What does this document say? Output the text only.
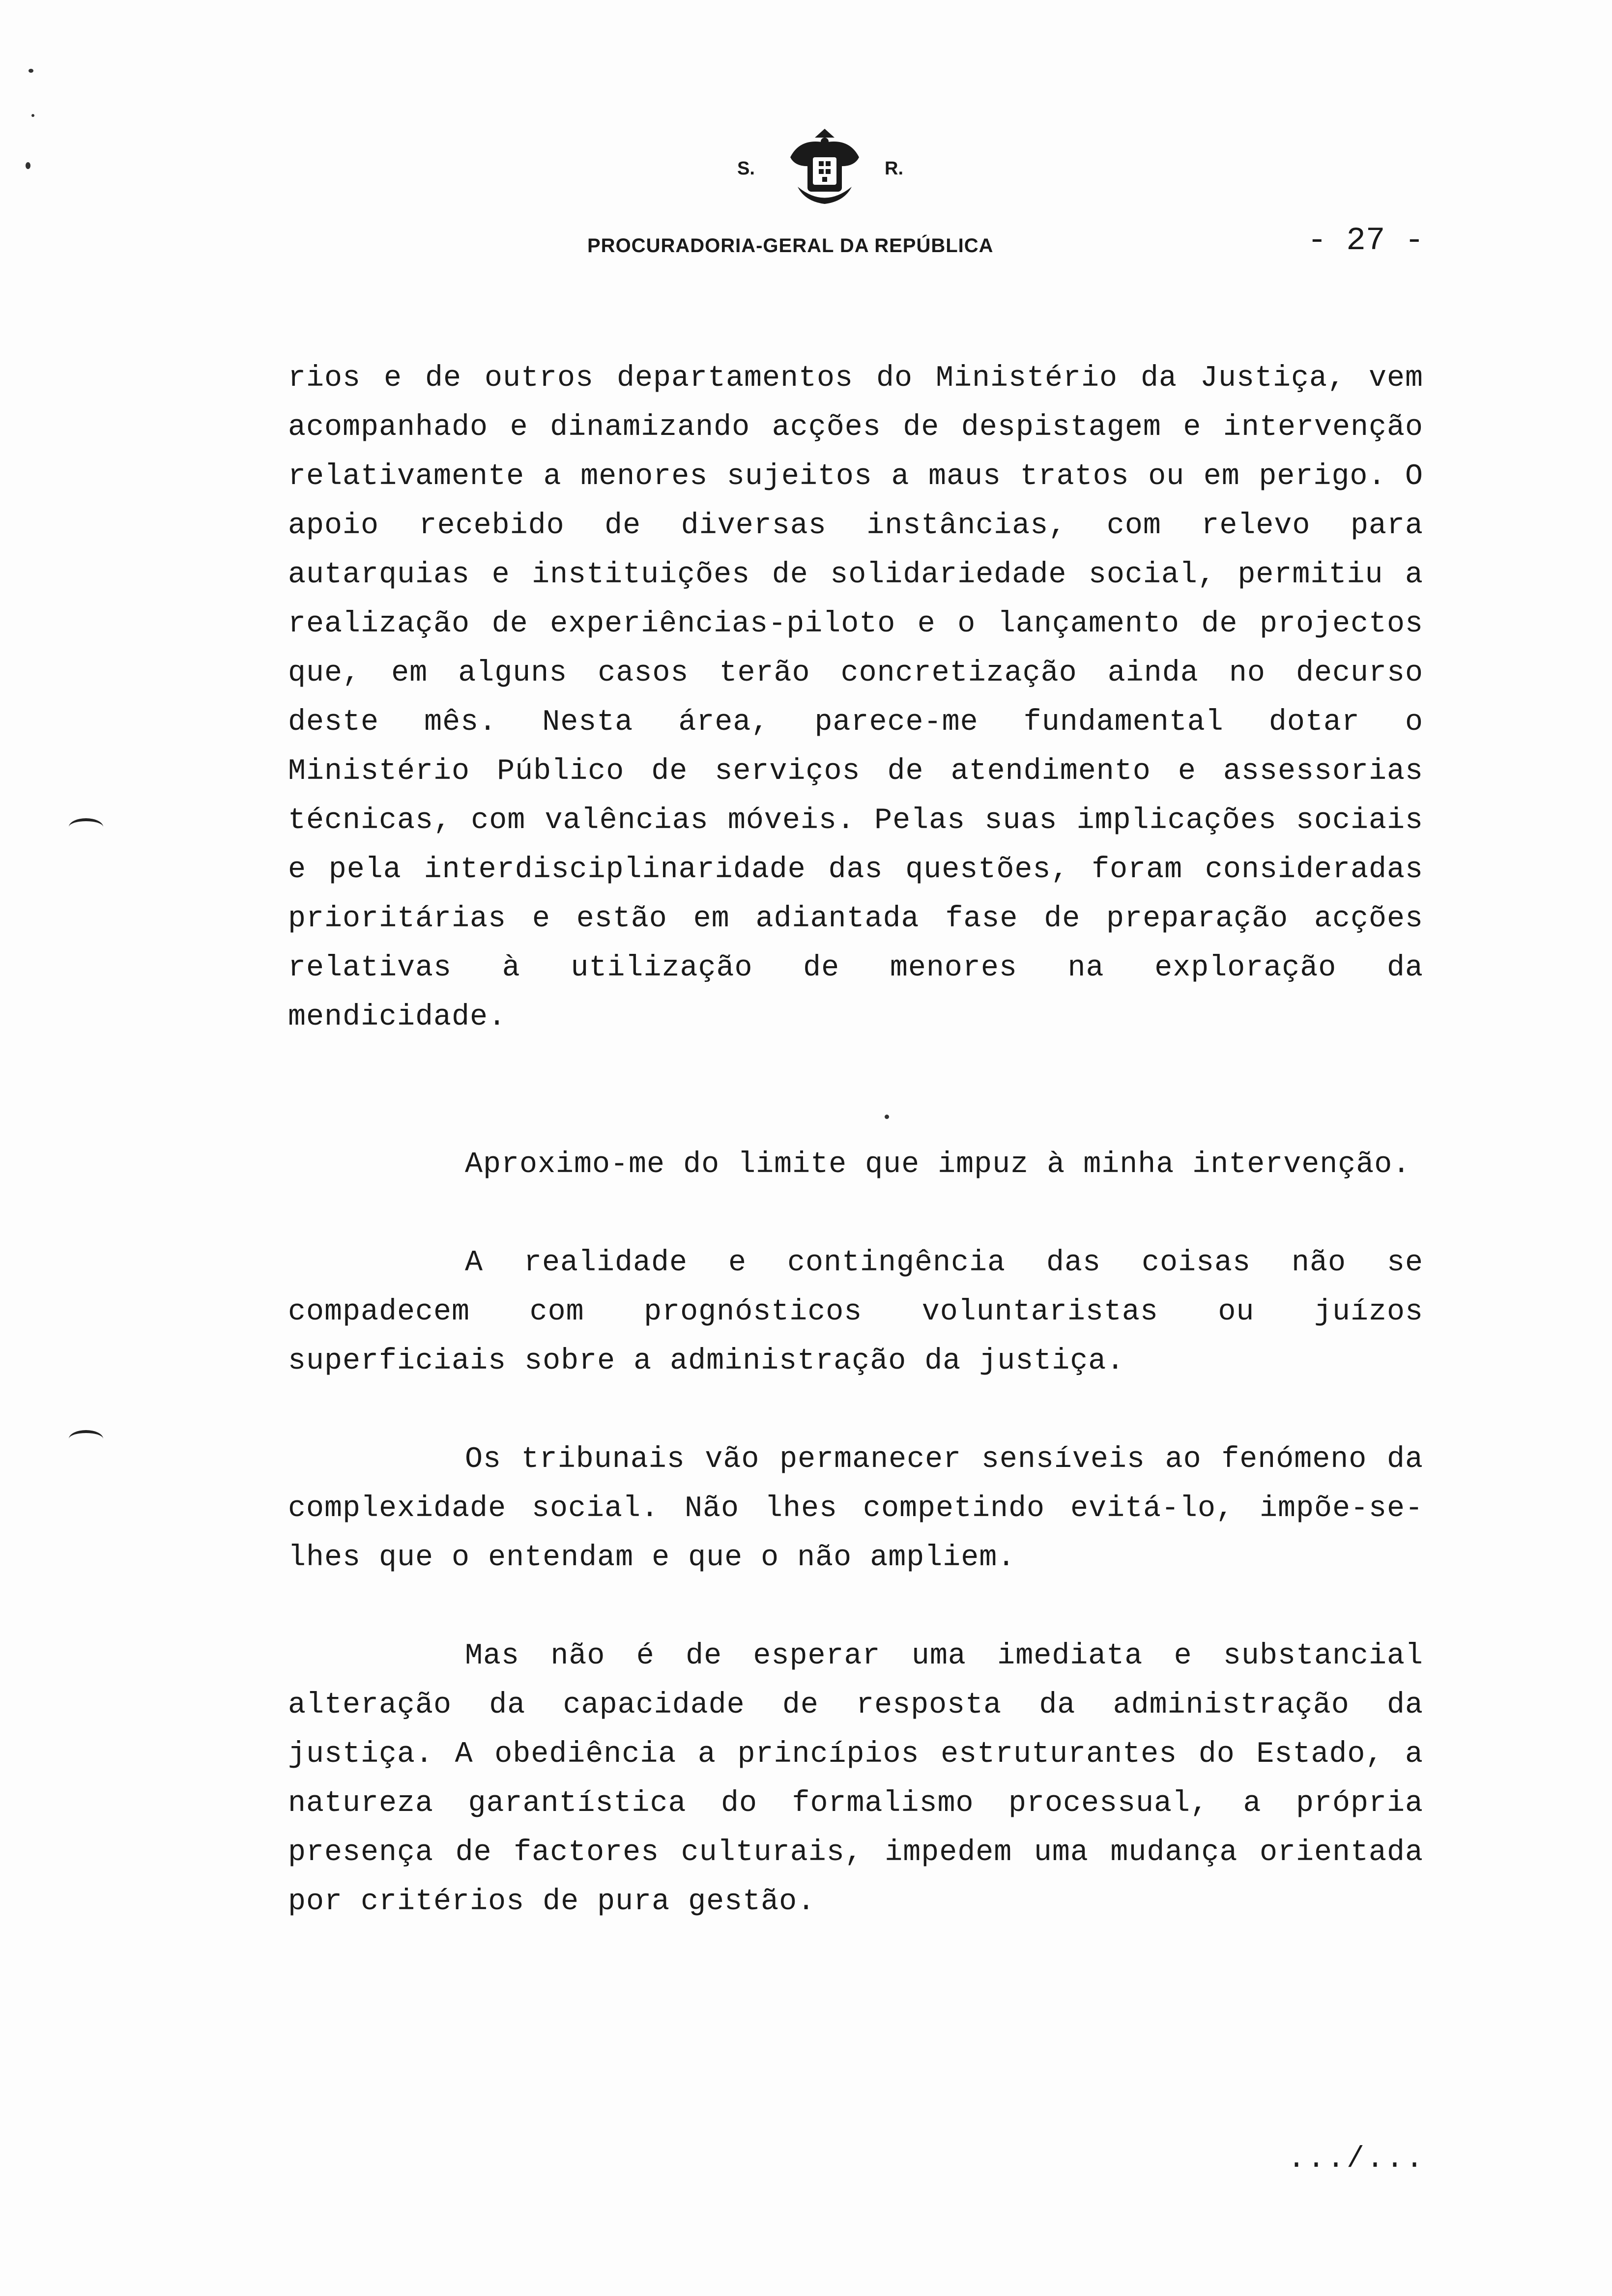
S.	R.
PROCURADORIA-GERAL DA REPÚBLICA	- 27 -

rios e de outros departamentos do Ministério da Justiça, vem acompanhado e dinamizando acções de despistagem e intervenção relativamente a menores sujeitos a maus tratos ou em perigo. O apoio recebido de diversas instâncias, com relevo para autarquias e instituições de solidariedade social, permitiu a realização de experiências-piloto e o lançamento de projectos que, em alguns casos terão concretização ainda no decurso deste mês. Nesta área, parece-me fundamental dotar o Ministério Público de serviços de atendimento e assessorias técnicas, com valências móveis. Pelas suas implicações sociais e pela interdisciplinaridade das questões, foram consideradas prioritárias e estão em adiantada fase de preparação acções relativas à utilização de menores na exploração da mendicidade.

Aproximo-me do limite que impuz à minha intervenção.

A realidade e contingência das coisas não se compadecem com prognósticos voluntaristas ou juízos superficiais sobre a administração da justiça.

Os tribunais vão permanecer sensíveis ao fenómeno da complexidade social. Não lhes competindo evitá-lo, impõe-se-lhes que o entendam e que o não ampliem.

Mas não é de esperar uma imediata e substancial alteração da capacidade de resposta da administração da justiça. A obediência a princípios estruturantes do Estado, a natureza garantística do formalismo processual, a própria presença de factores culturais, impedem uma mudança orientada por critérios de pura gestão.

.../...
